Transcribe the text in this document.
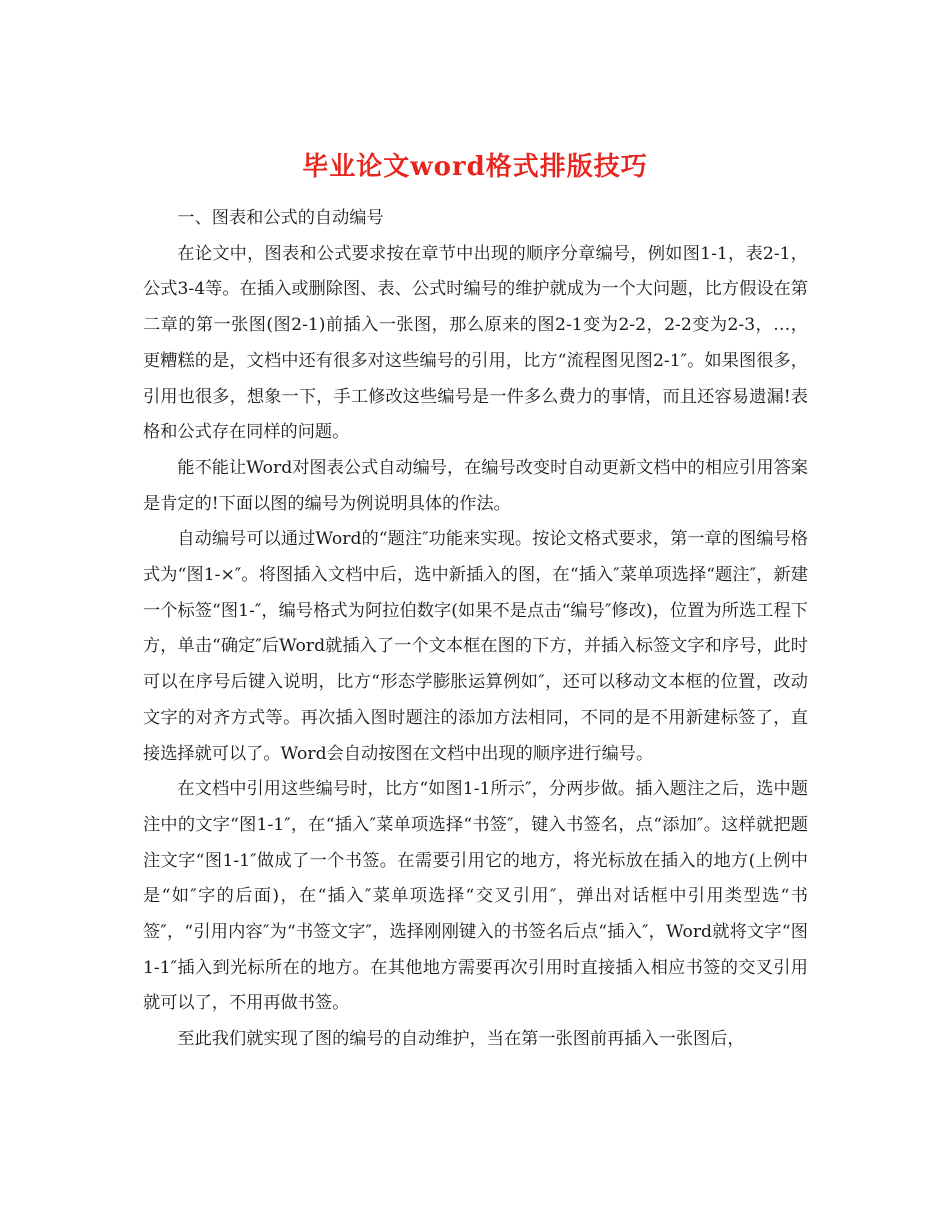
毕业论文word格式排版技巧

一、图表和公式的自动编号

在论文中，图表和公式要求按在章节中出现的顺序分章编号，例如图1-1，表2-1，公式3-4等。在插入或删除图、表、公式时编号的维护就成为一个大问题，比方假设在第二章的第一张图(图2-1)前插入一张图，那么原来的图2-1变为2-2，2-2变为2-3，…，更糟糕的是，文档中还有很多对这些编号的引用，比方“流程图见图2-1″。如果图很多，引用也很多，想象一下，手工修改这些编号是一件多么费力的事情，而且还容易遗漏!表格和公式存在同样的问题。

能不能让Word对图表公式自动编号，在编号改变时自动更新文档中的相应引用答案是肯定的!下面以图的编号为例说明具体的作法。

自动编号可以通过Word的“题注″功能来实现。按论文格式要求，第一章的图编号格式为“图1-×″。将图插入文档中后，选中新插入的图，在“插入″菜单项选择“题注″，新建一个标签“图1-″，编号格式为阿拉伯数字(如果不是点击“编号″修改)，位置为所选工程下方，单击“确定″后Word就插入了一个文本框在图的下方，并插入标签文字和序号，此时可以在序号后键入说明，比方“形态学膨胀运算例如″，还可以移动文本框的位置，改动文字的对齐方式等。再次插入图时题注的添加方法相同，不同的是不用新建标签了，直接选择就可以了。Word会自动按图在文档中出现的顺序进行编号。

在文档中引用这些编号时，比方“如图1-1所示″，分两步做。插入题注之后，选中题注中的文字“图1-1″，在“插入″菜单项选择“书签″，键入书签名，点“添加″。这样就把题注文字“图1-1″做成了一个书签。在需要引用它的地方，将光标放在插入的地方(上例中是“如″字的后面)，在“插入″菜单项选择“交叉引用″，弹出对话框中引用类型选“书签″，“引用内容″为“书签文字″，选择刚刚键入的书签名后点“插入″，Word就将文字“图1-1″插入到光标所在的地方。在其他地方需要再次引用时直接插入相应书签的交叉引用就可以了，不用再做书签。

至此我们就实现了图的编号的自动维护，当在第一张图前再插入一张图后，
